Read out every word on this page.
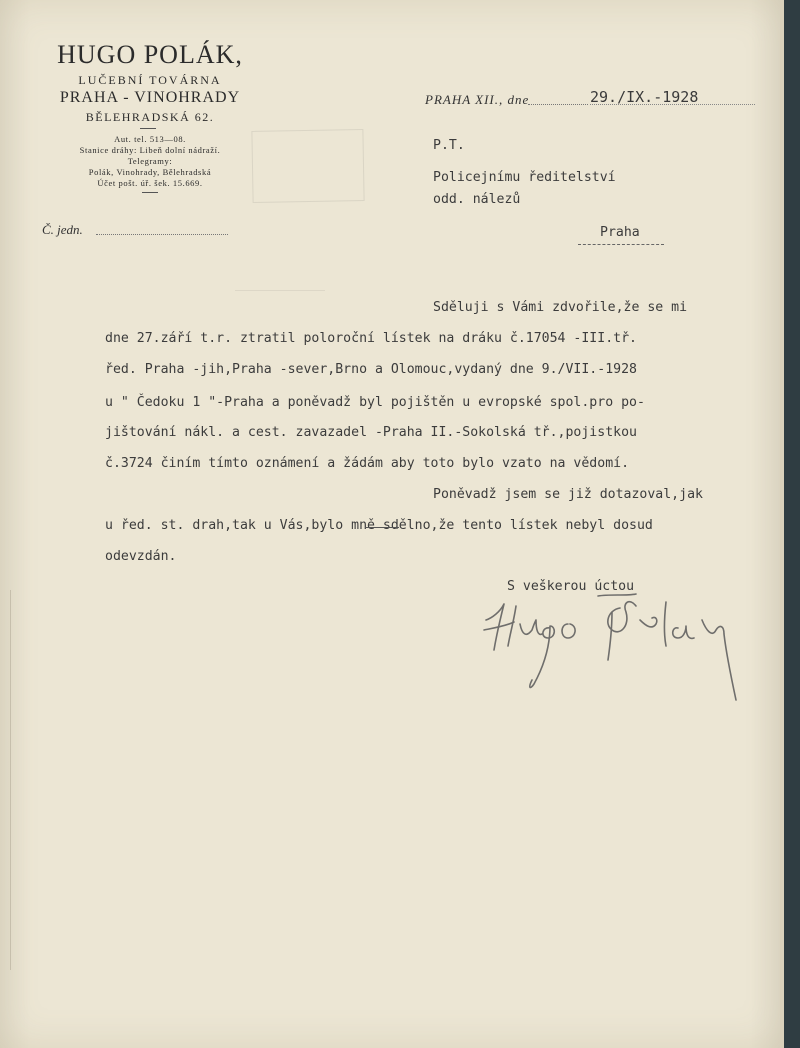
HUGO POLÁK,
LUČEBNÍ TOVÁRNA
PRAHA - VINOHRADY
BĚLEHRADSKÁ 62.
Aut. tel. 513—08.
Stanice dráhy: Libeň dolní nádraží.
Telegramy:
Polák, Vinohrady, Bělehradská
Účet pošt. úř. šek. 15.669.
Č. jedn.
PRAHA XII., dne	29./IX.-1928
P.T.
Policejnímu ředitelství
odd. nálezů
Praha
Sděluji s Vámi zdvořile,že se mi
dne 27.září t.r. ztratil poloroční lístek na dráku č.17054 -III.tř.
řed. Praha -jih,Praha -sever,Brno a Olomouc,vydaný dne 9./VII.-1928
u " Čedoku 1 "-Praha a poněvadž byl pojištěn u evropské spol.pro po-
jištování nákl. a cest. zavazadel -Praha II.-Sokolská tř.,pojistkou
č.3724 činím tímto oznámení a žádám aby toto bylo vzato na vědomí.
Poněvadž jsem se již dotazoval,jak
u řed. st. drah,tak u Vás,bylo mně sdělno,že tento lístek nebyl dosud
odevzdán.
S veškerou úctou
